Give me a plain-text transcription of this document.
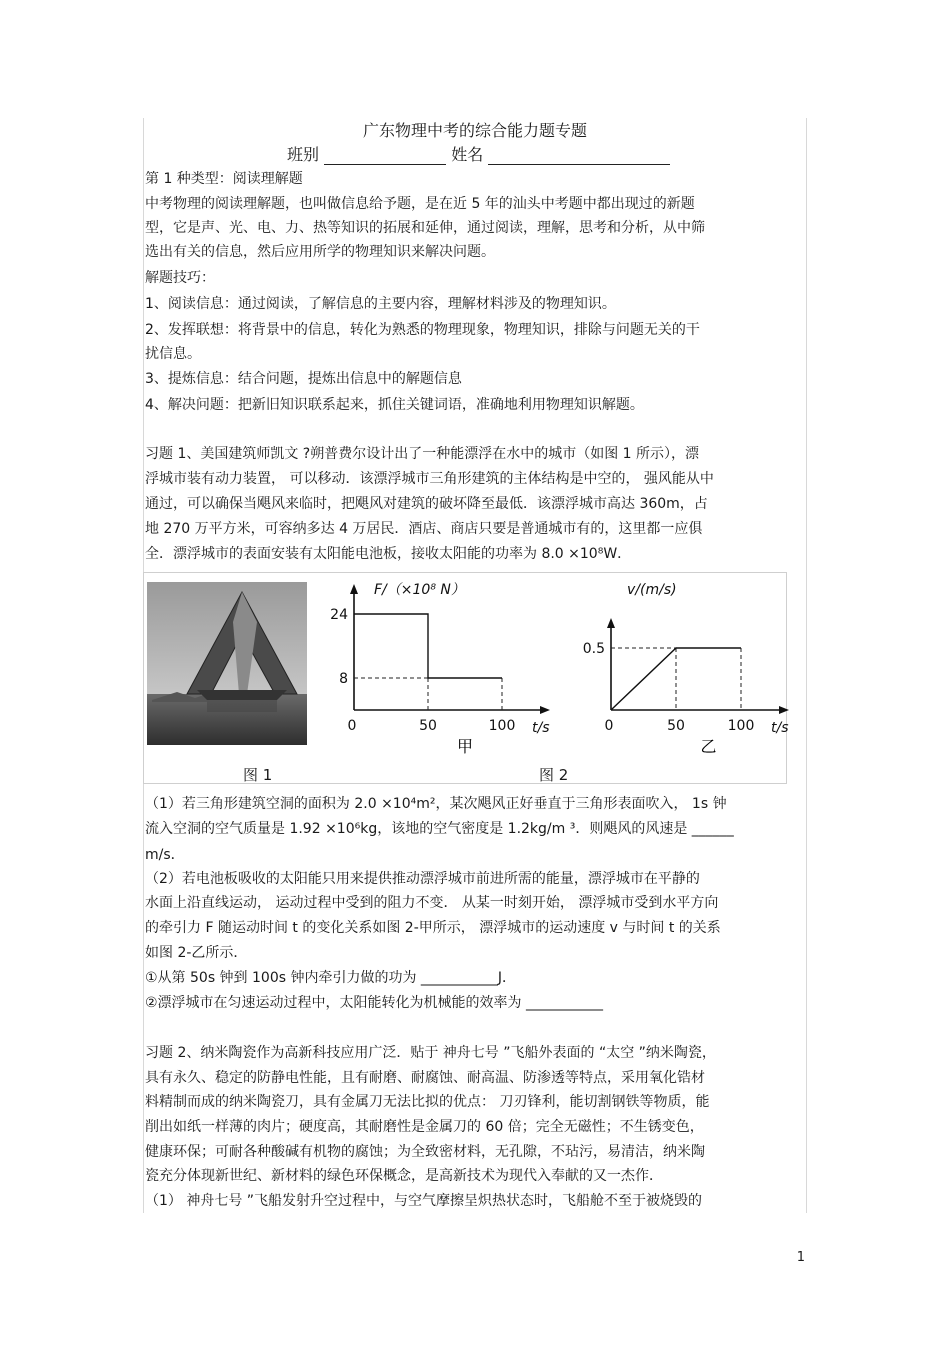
广东物理中考的综合能力题专题
班别	姓名
第 1 种类型：阅读理解题
中考物理的阅读理解题，也叫做信息给予题，是在近 5 年的汕头中考题中都出现过的新题
型，它是声、光、电、力、热等知识的拓展和延伸，通过阅读，理解，思考和分析，从中筛
选出有关的信息，然后应用所学的物理知识来解决问题。
解题技巧：
1、阅读信息：通过阅读，了解信息的主要内容，理解材料涉及的物理知识。
2、发挥联想：将背景中的信息，转化为熟悉的物理现象，物理知识，排除与问题无关的干
扰信息。
3、提炼信息：结合问题，提炼出信息中的解题信息
4、解决问题：把新旧知识联系起来，抓住关键词语，准确地利用物理知识解题。
习题 1、美国建筑师凯文 ?朔普费尔设计出了一种能漂浮在水中的城市（如图 1 所示），漂
浮城市装有动力装置， 可以移动．该漂浮城市三角形建筑的主体结构是中空的， 强风能从中
通过，可以确保当飓风来临时，把飓风对建筑的破坏降至最低．该漂浮城市高达 360m，占
地 270 万平方米，可容纳多达 4 万居民．酒店、商店只要是普通城市有的，这里都一应俱
全．漂浮城市的表面安装有太阳能电池板，接收太阳能的功率为 8.0 ×10⁸W．
0	50	100
8
24
t/s
F/（×10⁸ N）
甲
0	50	100
0.5
t/s
v/(m/s)
乙
图 1	图 2
（1）若三角形建筑空洞的面积为 2.0 ×10⁴m²，某次飓风正好垂直于三角形表面吹入， 1s 钟
流入空洞的空气质量是 1.92 ×10⁶kg，该地的空气密度是 1.2kg/m ³．则飓风的风速是 ______
m/s．
（2）若电池板吸收的太阳能只用来提供推动漂浮城市前进所需的能量，漂浮城市在平静的
水面上沿直线运动， 运动过程中受到的阻力不变． 从某一时刻开始， 漂浮城市受到水平方向
的牵引力 F 随运动时间 t 的变化关系如图 2-甲所示， 漂浮城市的运动速度 v 与时间 t 的关系
如图 2-乙所示．
①从第 50s 钟到 100s 钟内牵引力做的功为 ___________J．
②漂浮城市在匀速运动过程中，太阳能转化为机械能的效率为 ___________
习题 2、纳米陶瓷作为高新科技应用广泛．贴于 神舟七号 ”飞船外表面的 “太空 ”纳米陶瓷，
具有永久、稳定的防静电性能，且有耐磨、耐腐蚀、耐高温、防渗透等特点，采用氧化锆材
料精制而成的纳米陶瓷刀，具有金属刀无法比拟的优点： 刀刃锋利，能切割钢铁等物质，能
削出如纸一样薄的肉片；硬度高，其耐磨性是金属刀的 60 倍；完全无磁性；不生锈变色，
健康环保；可耐各种酸碱有机物的腐蚀；为全致密材料，无孔隙，不玷污，易清洁，纳米陶
瓷充分体现新世纪、新材料的绿色环保概念，是高新技术为现代入奉献的又一杰作．
（1） 神舟七号 ”飞船发射升空过程中，与空气摩擦呈炽热状态时，飞船舱不至于被烧毁的
1
